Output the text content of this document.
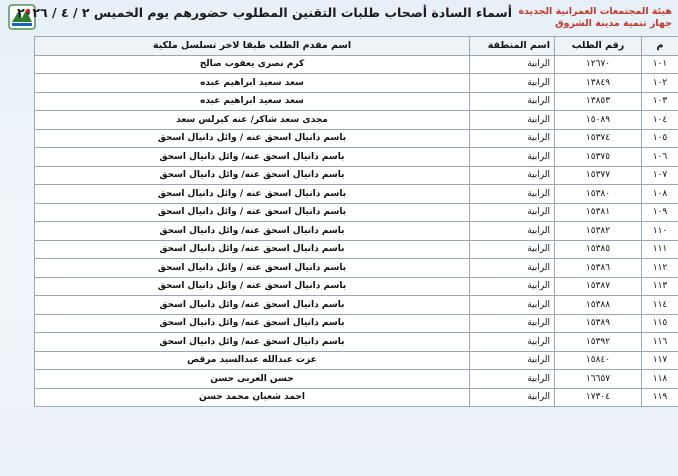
أسماء السادة أصحاب طلبات التقنين المطلوب حضورهم يوم الخميس ٢ / ٤ / ٢٠٢٦ هيئة المجتمعات العمرانية الجديدة
جهاز تنمية مدينة الشروق
م	رقم الطلب	اسم المنطقة	اسم مقدم الطلب طبقا لاخر تسلسل ملكية
١٠١	١٢٦٧٠	الرابية	كرم نصرى يعقوب صالح
١٠٢	١٣٨٤٩	الرابية	سعد سعيد ابراهيم عبده
١٠٣	١٣٨٥٣	الرابية	سعد سعيد ابراهيم عبده
١٠٤	١٥٠٨٩	الرابية	مجدى سعد شاكر/ عنه كيرلس سعد
١٠٥	١٥٣٧٤	الرابية	باسم دانيال اسحق عنه / وائل دانيال اسحق
١٠٦	١٥٣٧٥	الرابية	باسم دانيال اسحق عنه/ وائل دانيال اسحق
١٠٧	١٥٣٧٧	الرابية	باسم دانيال اسحق عنه/ وائل دانيال اسحق
١٠٨	١٥٣٨٠	الرابية	باسم دانيال اسحق عنه / وائل دانيال اسحق
١٠٩	١٥٣٨١	الرابية	باسم دانيال اسحق عنه / وائل دانيال اسحق
١١٠	١٥٣٨٢	الرابية	باسم دانيال اسحق عنه/ وائل دانيال اسحق
١١١	١٥٣٨٥	الرابية	باسم دانيال اسحق عنه/ وائل دانيال اسحق
١١٢	١٥٣٨٦	الرابية	باسم دانيال اسحق عنه / وائل دانيال اسحق
١١٣	١٥٣٨٧	الرابية	باسم دانيال اسحق عنه / وائل دانيال اسحق
١١٤	١٥٣٨٨	الرابية	باسم دانيال اسحق عنه/ وائل دانيال اسحق
١١٥	١٥٣٨٩	الرابية	باسم دانيال اسحق عنه/ وائل دانيال اسحق
١١٦	١٥٣٩٢	الرابية	باسم دانيال اسحق عنه/ وائل دانيال اسحق
١١٧	١٥٨٤٠	الرابية	عزت عبدالله عبدالسيد مرقص
١١٨	١٦٦٥٧	الرابية	حسن العربى حسن
١١٩	١٧٣٠٤	الرابية	احمد شعبان محمد حسن
